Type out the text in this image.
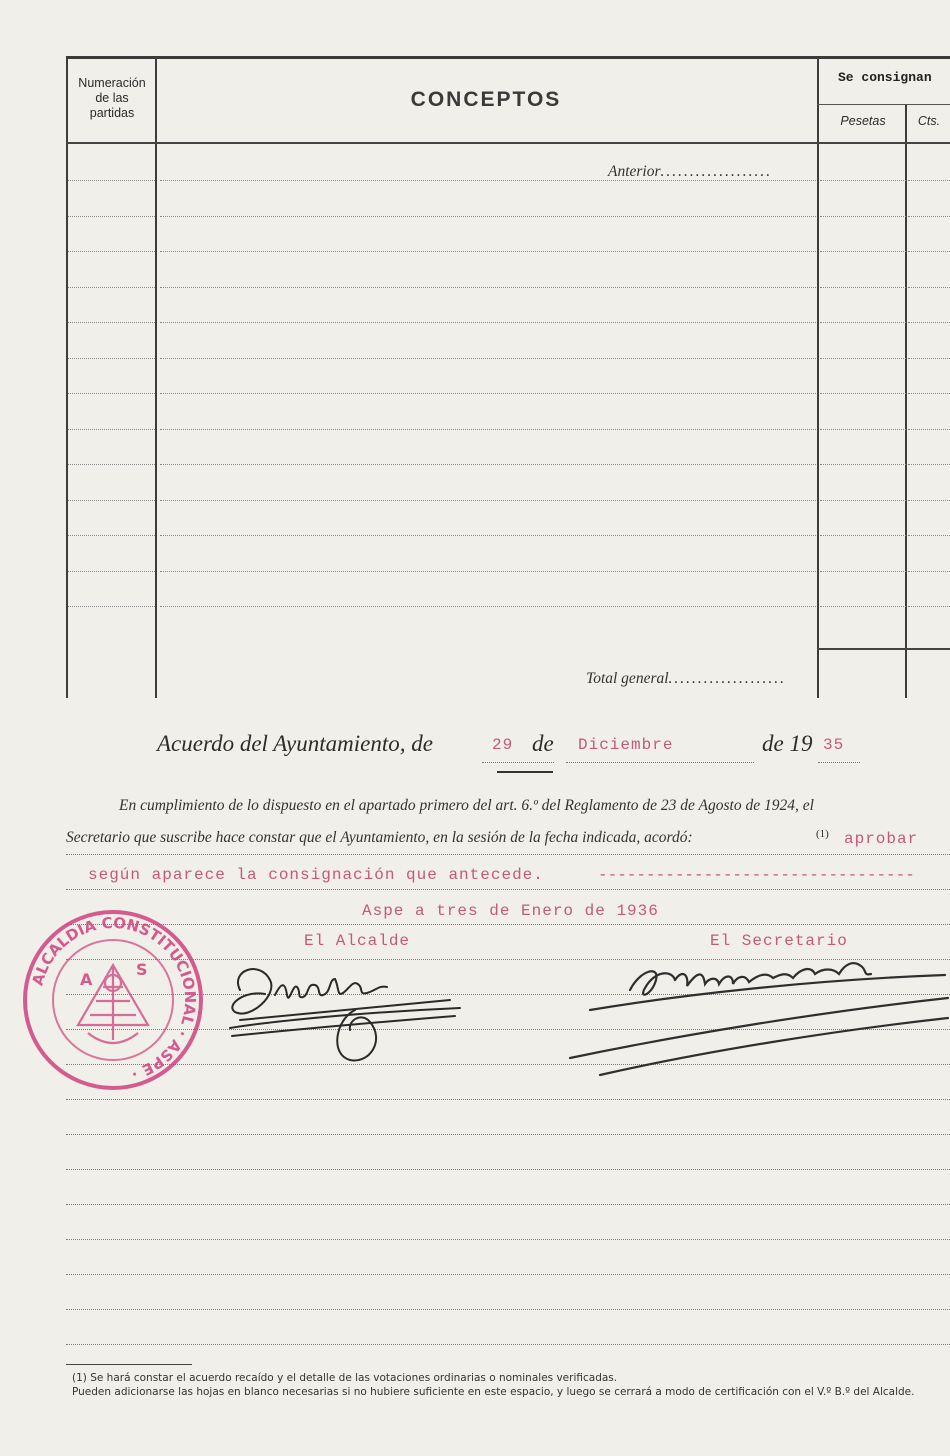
Numeración
de las
partidas
CONCEPTOS
Se consignan
Pesetas	Cts.
Anterior...................
Total general....................
Acuerdo del Ayuntamiento, de	29 de Diciembre	de 19 35
En cumplimiento de lo dispuesto en el apartado primero del art. 6.º del Reglamento de 23 de Agosto de 1924, el
Secretario que suscribe hace constar que el Ayuntamiento, en la sesión de la fecha indicada, acordó:	(1) aprobar
según aparece la consignación que antecede.	---------------------------------
Aspe a tres de Enero de 1936
El Alcalde	El Secretario
ALCALDIA CONSTITUCIONAL · ASPE ·
A
S
(1) Se hará constar el acuerdo recaído y el detalle de las votaciones ordinarias o nominales verificadas.
Pueden adicionarse las hojas en blanco necesarias si no hubiere suficiente en este espacio, y luego se cerrará a modo de certificación con el V.º B.º del Alcalde.
